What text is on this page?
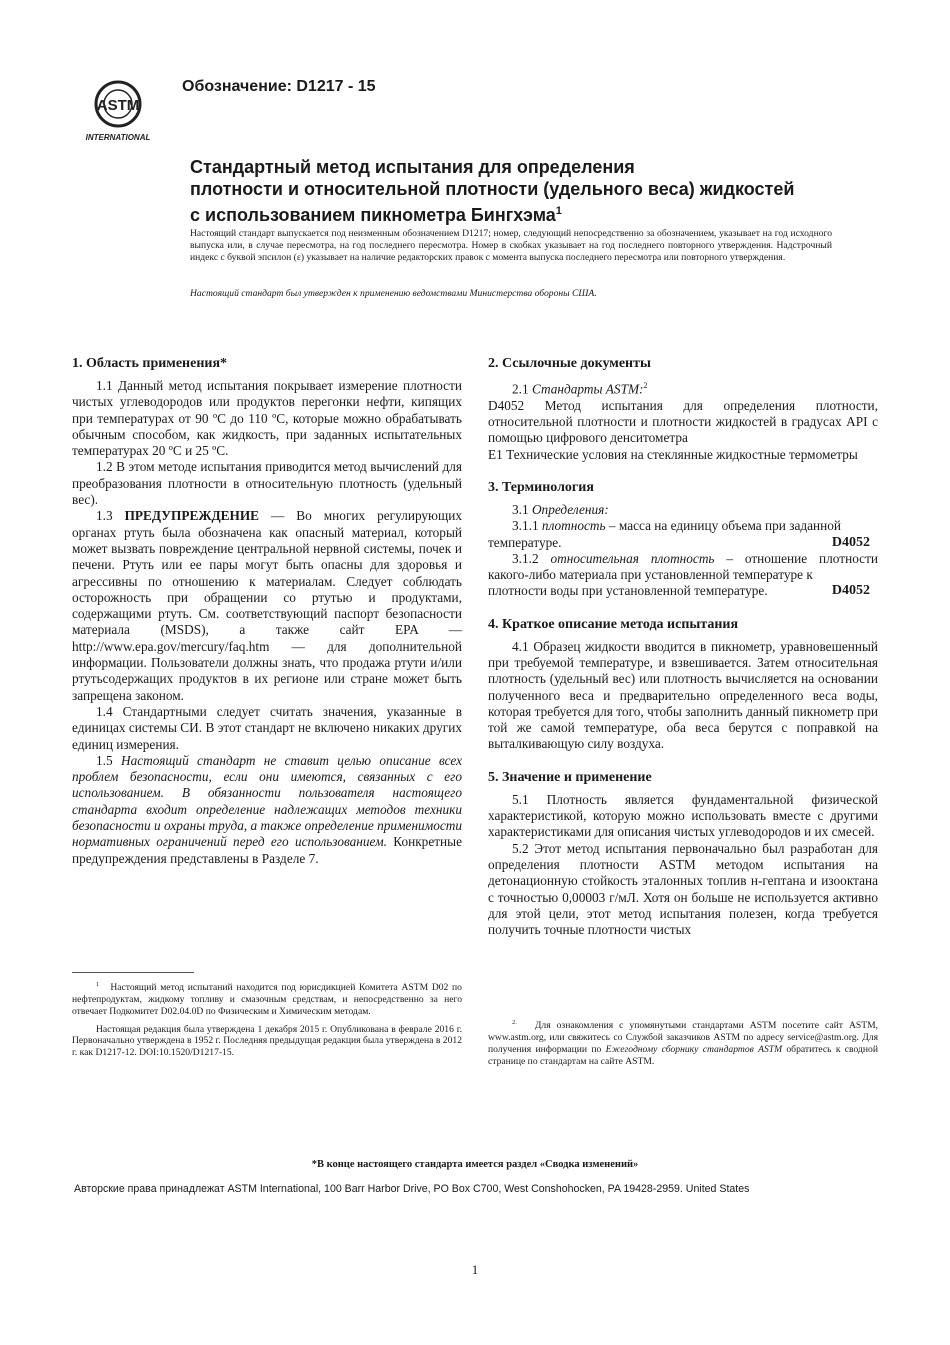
ASTM
INTERNATIONAL
Обозначение: D1217 - 15
Стандартный метод испытания для определения
плотности и относительной плотности (удельного веса) жидкостей
с использованием пикнометра Бингхэма$^1$
Настоящий стандарт выпускается под неизменным обозначением D1217; номер, следующий непосредственно за обозначением, указывает на год исходного выпуска или, в случае пересмотра, на год последнего пересмотра. Номер в скобках указывает на год последнего повторного утверждения. Надстрочный индекс с буквой эпсилон (ε) указывает на наличие редакторских правок с момента выпуска последнего пересмотра или повторного утверждения.
Настоящий стандарт был утвержден к применению ведомствами Министерства обороны США.
1. Область применения*

1.1 Данный метод испытания покрывает измерение плотности чистых углеводородов или продуктов перегонки нефти, кипящих при температурах от 90 ºC до 110 ºC, которые можно обрабатывать обычным способом, как жидкость, при заданных испытательных температурах 20 ºC и 25 ºC.

1.2 В этом методе испытания приводится метод вычислений для преобразования плотности в относительную плотность (удельный вес).

1.3 ПРЕДУПРЕЖДЕНИЕ — Во многих регулирующих органах ртуть была обозначена как опасный материал, который может вызвать повреждение центральной нервной системы, почек и печени. Ртуть или ее пары могут быть опасны для здоровья и агрессивны по отношению к материалам. Следует соблюдать осторожность при обращении со ртутью и продуктами, содержащими ртуть. См. соответствующий паспорт безопасности материала (MSDS), а также сайт EPA — http://www.epa.gov/mercury/faq.htm — для дополнительной информации. Пользователи должны знать, что продажа ртути и/или ртутьсодержащих продуктов в их регионе или стране может быть запрещена законом.

1.4 Стандартными следует считать значения, указанные в единицах системы СИ. В этот стандарт не включено никаких других единиц измерения.

1.5 Настоящий стандарт не ставит целью описание всех проблем безопасности, если они имеются, связанных с его использованием. В обязанности пользователя настоящего стандарта входит определение надлежащих методов техники безопасности и охраны труда, а также определение применимости нормативных ограничений перед его использованием. Конкретные предупреждения представлены в Разделе 7.

2. Ссылочные документы

2.1 Стандарты ASTM:$^2$

D4052 Метод испытания для определения плотности, относительной плотности и плотности жидкостей в градусах API с помощью цифрового денситометра

E1 Технические условия на стеклянные жидкостные термометры

3. Терминология

3.1 Определения:

3.1.1 плотность – масса на единицу объема при заданной

температуре.	D4052

3.1.2 относительная плотность – отношение плотности какого-либо материала при установленной температуре к

плотности воды при установленной температуре.	D4052
4. Краткое описание метода испытания

4.1 Образец жидкости вводится в пикнометр, уравновешенный при требуемой температуре, и взвешивается. Затем относительная плотность (удельный вес) или плотность вычисляется на основании полученного веса и предварительно определенного веса воды, которая требуется для того, чтобы заполнить данный пикнометр при той же самой температуре, оба веса берутся с поправкой на выталкивающую силу воздуха.

5. Значение и применение

5.1 Плотность является фундаментальной физической характеристикой, которую можно использовать вместе с другими характеристиками для описания чистых углеводородов и их смесей.

5.2 Этот метод испытания первоначально был разработан для определения плотности ASTM методом испытания на детонационную стойкость эталонных топлив н-гептана и изооктана с точностью 0,00003 г/мЛ. Хотя он больше не используется активно для этой цели, этот метод испытания полезен, когда требуется получить точные плотности чистых

$^1$ Настоящий метод испытаний находится под юрисдикцией Комитета ASTM D02 по нефтепродуктам, жидкому топливу и смазочным средствам, и непосредственно за него отвечает Подкомитет D02.04.0D по Физическим и Химическим методам.

Настоящая редакция была утверждена 1 декабря 2015 г. Опубликована в феврале 2016 г. Первоначально утверждена в 1952 г. Последняя предыдущая редакция была утверждена в 2012 г. как D1217-12. DOI:10.1520/D1217-15.

$^{2.}$ Для ознакомления с упомянутыми стандартами ASTM посетите сайт ASTM, www.astm.org, или свяжитесь со Службой заказчиков ASTM по адресу service@astm.org. Для получения информации по Ежегодному сборнику стандартов ASTM обратитесь к сводной странице по стандартам на сайте ASTM.

*В конце настоящего стандарта имеется раздел «Сводка изменений»
Авторские права принадлежат ASTM International, 100 Barr Harbor Drive, PO Box C700, West Conshohocken, PA 19428-2959. United States
1
